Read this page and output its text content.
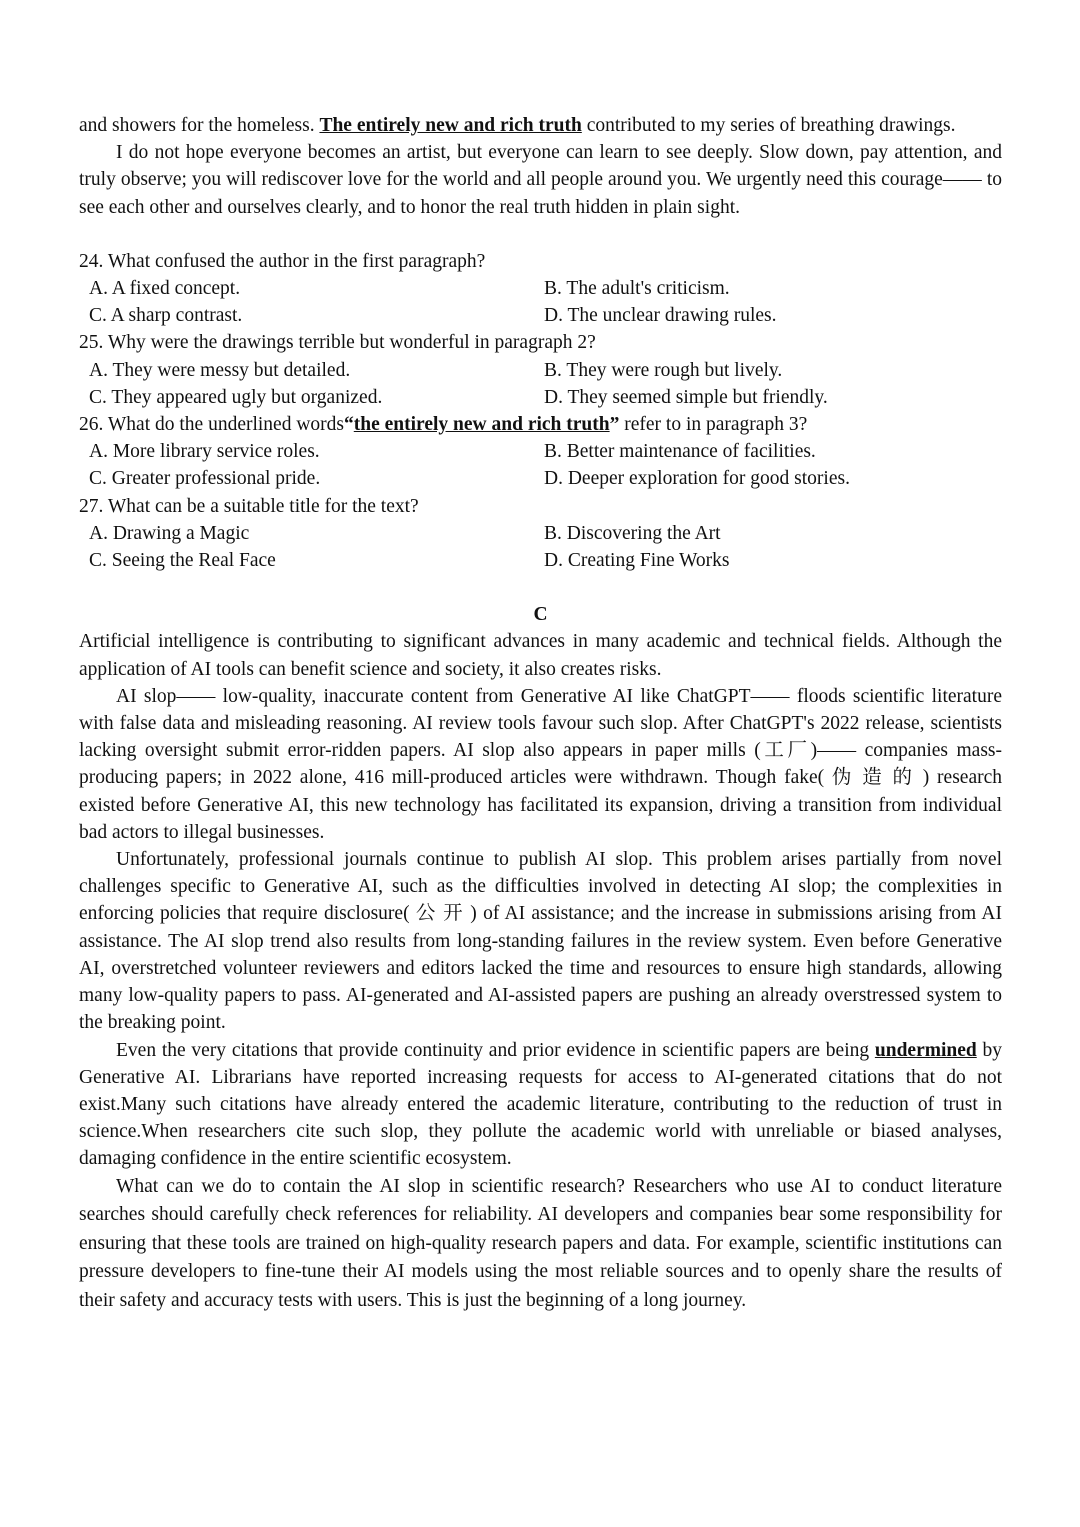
and showers for the homeless. The entirely new and rich truth contributed to my series of breathing drawings.

I do not hope everyone becomes an artist, but everyone can learn to see deeply. Slow down, pay attention, and truly observe; you will rediscover love for the world and all people around you. We urgently need this courage—— to see each other and ourselves clearly, and to honor the real truth hidden in plain sight.

24. What confused the author in the first paragraph?
A. A fixed concept.	B. The adult's criticism.
C. A sharp contrast.	D. The unclear drawing rules.
25. Why were the drawings terrible but wonderful in paragraph 2?
A. They were messy but detailed.	B. They were rough but lively.
C. They appeared ugly but organized.	D. They seemed simple but friendly.
26. What do the underlined words“the entirely new and rich truth” refer to in paragraph 3?
A. More library service roles.	B. Better maintenance of facilities.
C. Greater professional pride.	D. Deeper exploration for good stories.
27. What can be a suitable title for the text?
A. Drawing a Magic	B. Discovering the Art
C. Seeing the Real Face	D. Creating Fine Works
C

Artificial intelligence is contributing to significant advances in many academic and technical fields. Although the application of AI tools can benefit science and society, it also creates risks.

AI slop—— low-quality, inaccurate content from Generative AI like ChatGPT—— floods scientific literature with false data and misleading reasoning. AI review tools favour such slop. After ChatGPT's 2022 release, scientists lacking oversight submit error-ridden papers. AI slop also appears in paper mills (工厂)—— companies mass-producing papers; in 2022 alone, 416 mill-produced articles were withdrawn. Though fake( 伪 造 的 ) research existed before Generative AI, this new technology has facilitated its expansion, driving a transition from individual bad actors to illegal businesses.

Unfortunately, professional journals continue to publish AI slop. This problem arises partially from novel challenges specific to Generative AI, such as the difficulties involved in detecting AI slop; the complexities in enforcing policies that require disclosure( 公 开 ) of AI assistance; and the increase in submissions arising from AI assistance. The AI slop trend also results from long-standing failures in the review system. Even before Generative AI, overstretched volunteer reviewers and editors lacked the time and resources to ensure high standards, allowing many low-quality papers to pass. AI-generated and AI-assisted papers are pushing an already overstressed system to the breaking point.

Even the very citations that provide continuity and prior evidence in scientific papers are being undermined by Generative AI. Librarians have reported increasing requests for access to AI-generated citations that do not exist.Many such citations have already entered the academic literature, contributing to the reduction of trust in science.When researchers cite such slop, they pollute the academic world with unreliable or biased analyses, damaging confidence in the entire scientific ecosystem.

What can we do to contain the AI slop in scientific research? Researchers who use AI to conduct literature searches should carefully check references for reliability. AI developers and companies bear some responsibility for ensuring that these tools are trained on high-quality research papers and data. For example, scientific institutions can pressure developers to fine-tune their AI models using the most reliable sources and to openly share the results of their safety and accuracy tests with users. This is just the beginning of a long journey.
